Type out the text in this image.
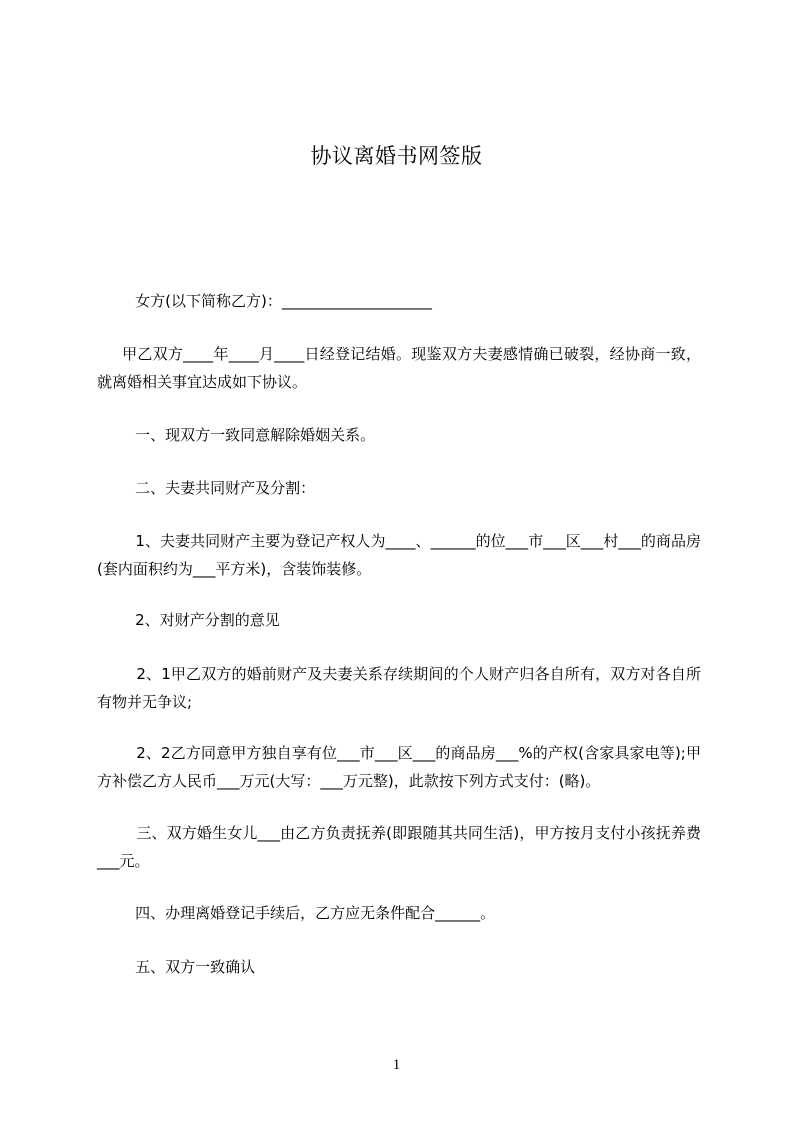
协议离婚书网签版
女方(以下简称乙方)：____________________
甲乙双方____年____月____日经登记结婚。现鉴双方夫妻感情确已破裂，经协商一致，就离婚相关事宜达成如下协议。
一、现双方一致同意解除婚姻关系。
二、夫妻共同财产及分割：
1、夫妻共同财产主要为登记产权人为____、______的位___市___区___村___的商品房(套内面积约为___平方米)，含装饰装修。
2、对财产分割的意见
2、1甲乙双方的婚前财产及夫妻关系存续期间的个人财产归各自所有，双方对各自所有物并无争议;
2、2乙方同意甲方独自享有位___市___区___的商品房___%的产权(含家具家电等);甲方补偿乙方人民币___万元(大写：___万元整)，此款按下列方式支付：(略)。
三、双方婚生女儿___由乙方负责抚养(即跟随其共同生活)，甲方按月支付小孩抚养费___元。
四、办理离婚登记手续后，乙方应无条件配合______。
五、双方一致确认
1
